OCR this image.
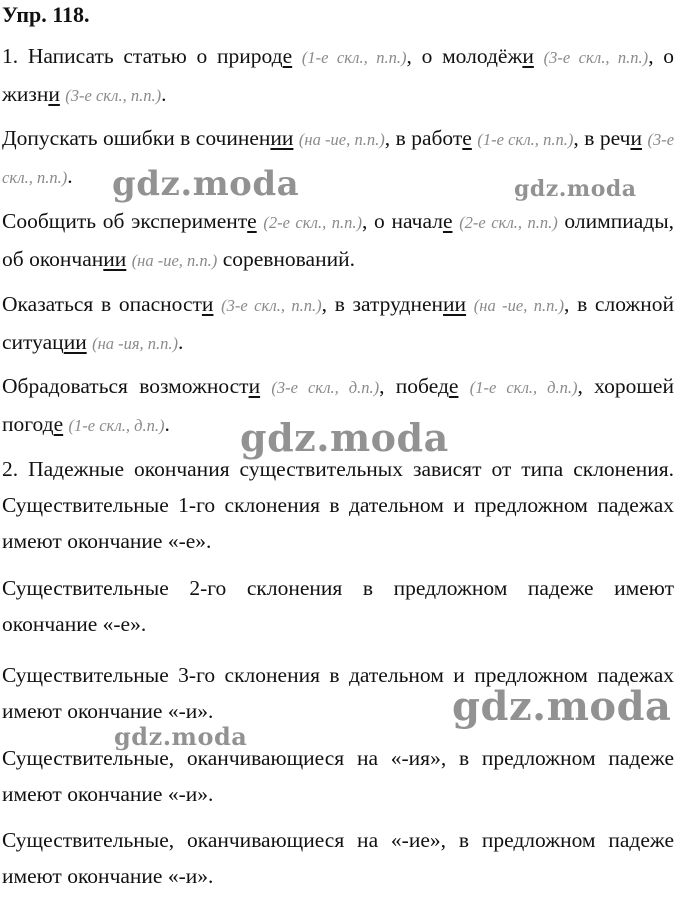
Упр. 118.
1. Написать статью о природе (1-е скл., п.п.), о молодёжи (3-е скл., п.п.), о жизни (3-е скл., п.п.).
Допускать ошибки в сочинении (на -ие, п.п.), в работе (1-е скл., п.п.), в речи (3-е скл., п.п.).
Сообщить об эксперименте (2-е скл., п.п.), о начале (2-е скл., п.п.) олимпиады, об окончании (на -ие, п.п.) соревнований.
Оказаться в опасности (3-е скл., п.п.), в затруднении (на -ие, п.п.), в сложной ситуации (на -ия, п.п.).
Обрадоваться возможности (3-е скл., д.п.), победе (1-е скл., д.п.), хорошей погоде (1-е скл., д.п.).
2. Падежные окончания существительных зависят от типа склонения. Существительные 1-го склонения в дательном и предложном падежах имеют окончание «-е».
Существительные 2-го склонения в предложном падеже имеют окончание «-е».
Существительные 3-го склонения в дательном и предложном падежах имеют окончание «-и».
Существительные, оканчивающиеся на «-ия», в предложном падеже имеют окончание «-и».
Существительные, оканчивающиеся на «-ие», в предложном падеже имеют окончание «-и».
gdz.moda	gdz.moda
gdz.moda
gdz.moda
gdz.moda
